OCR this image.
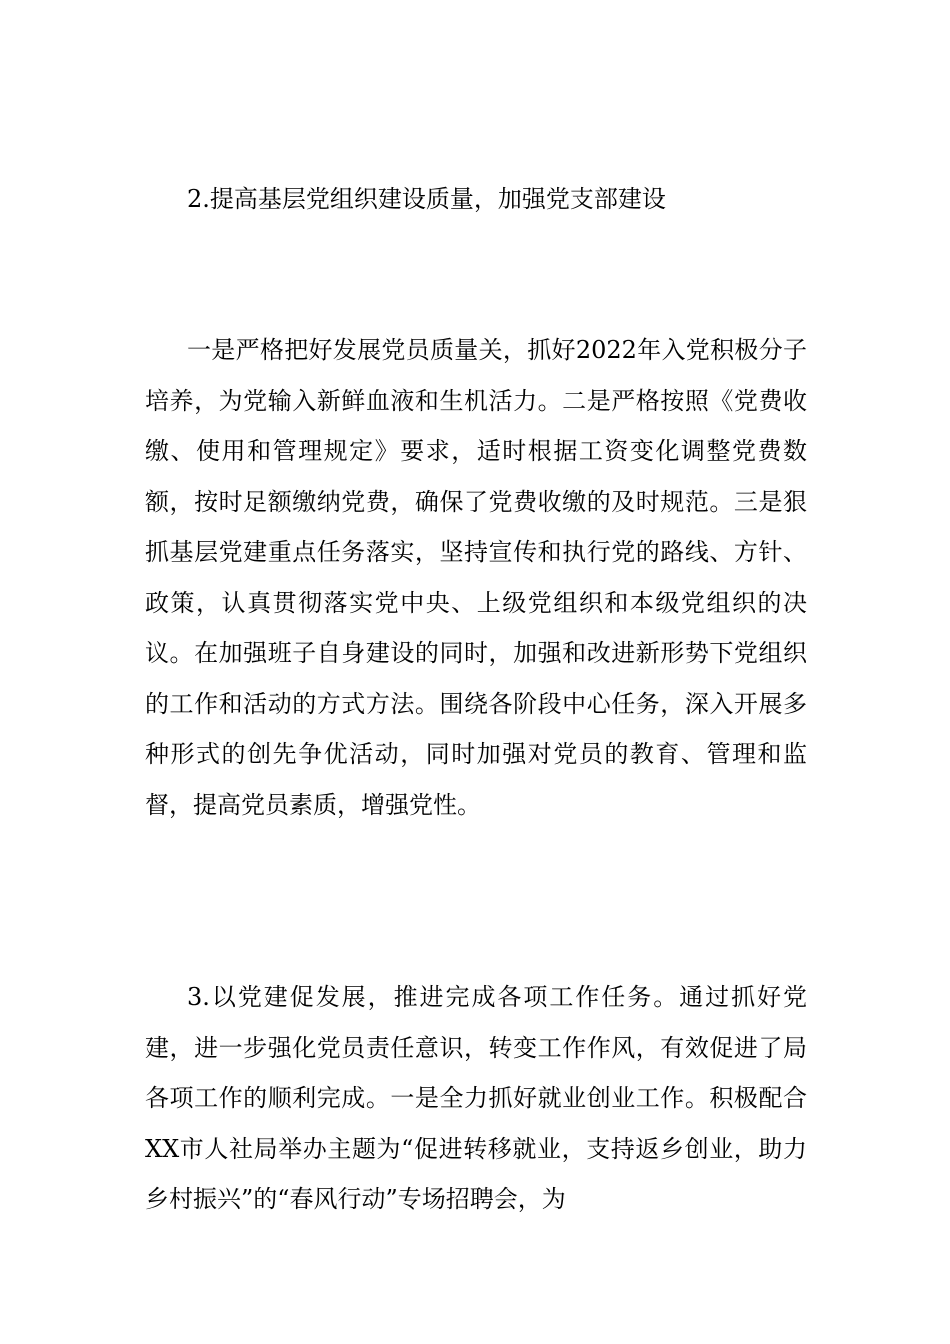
2.提高基层党组织建设质量，加强党支部建设

一是严格把好发展党员质量关，抓好2022年入党积极分子培养，为党输入新鲜血液和生机活力。二是严格按照《党费收缴、使用和管理规定》要求，适时根据工资变化调整党费数额，按时足额缴纳党费，确保了党费收缴的及时规范。三是狠抓基层党建重点任务落实，坚持宣传和执行党的路线、方针、政策，认真贯彻落实党中央、上级党组织和本级党组织的决议。在加强班子自身建设的同时，加强和改进新形势下党组织的工作和活动的方式方法。围绕各阶段中心任务，深入开展多种形式的创先争优活动，同时加强对党员的教育、管理和监督，提高党员素质，增强党性。

3.以党建促发展，推进完成各项工作任务。通过抓好党建，进一步强化党员责任意识，转变工作作风，有效促进了局各项工作的顺利完成。一是全力抓好就业创业工作。积极配合XX市人社局举办主题为“促进转移就业，支持返乡创业，助力乡村振兴”的“春风行动”专场招聘会，为
